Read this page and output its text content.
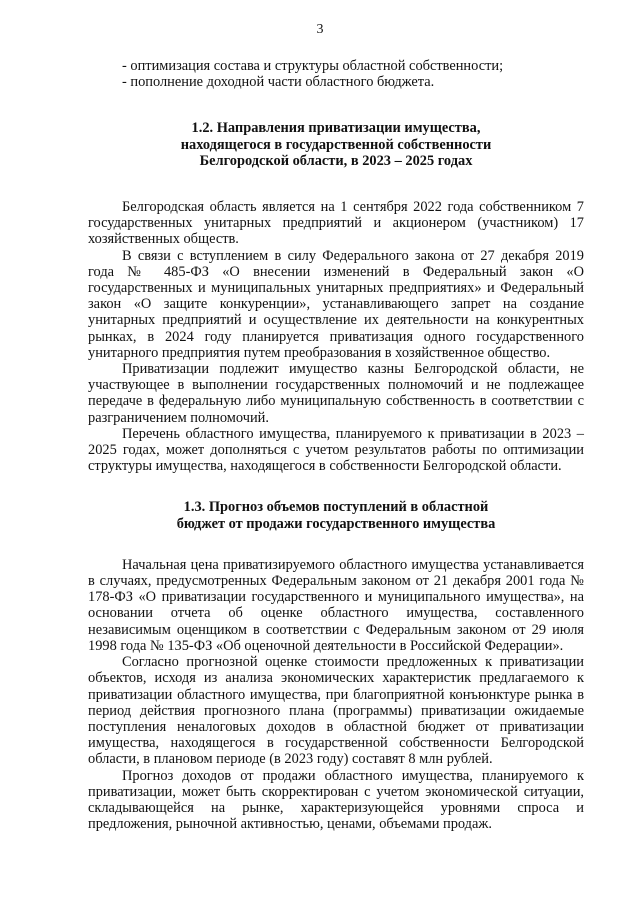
3
- оптимизация состава и структуры областной собственности;
- пополнение доходной части областного бюджета.
1.2. Направления приватизации имущества,
находящегося в государственной собственности
Белгородской области, в 2023 – 2025 годах

Белгородская область является на 1 сентября 2022 года собственником 7 государственных унитарных предприятий и акционером (участником) 17 хозяйственных обществ.

В связи с вступлением в силу Федерального закона от 27 декабря 2019 года № 485-ФЗ «О внесении изменений в Федеральный закон «О государственных и муниципальных унитарных предприятиях» и Федеральный закон «О защите конкуренции», устанавливающего запрет на создание унитарных предприятий и осуществление их деятельности на конкурентных рынках, в 2024 году планируется приватизация одного государственного унитарного предприятия путем преобразования в хозяйственное общество.

Приватизации подлежит имущество казны Белгородской области, не участвующее в выполнении государственных полномочий и не подлежащее передаче в федеральную либо муниципальную собственность в соответствии с разграничением полномочий.

Перечень областного имущества, планируемого к приватизации в 2023 – 2025 годах, может дополняться с учетом результатов работы по оптимизации структуры имущества, находящегося в собственности Белгородской области.

1.3. Прогноз объемов поступлений в областной
бюджет от продажи государственного имущества

Начальная цена приватизируемого областного имущества устанавливается в случаях, предусмотренных Федеральным законом от 21 декабря 2001 года № 178-ФЗ «О приватизации государственного и муниципального имущества», на основании отчета об оценке областного имущества, составленного независимым оценщиком в соответствии с Федеральным законом от 29 июля 1998 года № 135-ФЗ «Об оценочной деятельности в Российской Федерации».

Согласно прогнозной оценке стоимости предложенных к приватизации объектов, исходя из анализа экономических характеристик предлагаемого к приватизации областного имущества, при благоприятной конъюнктуре рынка в период действия прогнозного плана (программы) приватизации ожидаемые поступления неналоговых доходов в областной бюджет от приватизации имущества, находящегося в государственной собственности Белгородской области, в плановом периоде (в 2023 году) составят 8 млн рублей.

Прогноз доходов от продажи областного имущества, планируемого к приватизации, может быть скорректирован с учетом экономической ситуации, складывающейся на рынке, характеризующейся уровнями спроса и предложения, рыночной активностью, ценами, объемами продаж.
